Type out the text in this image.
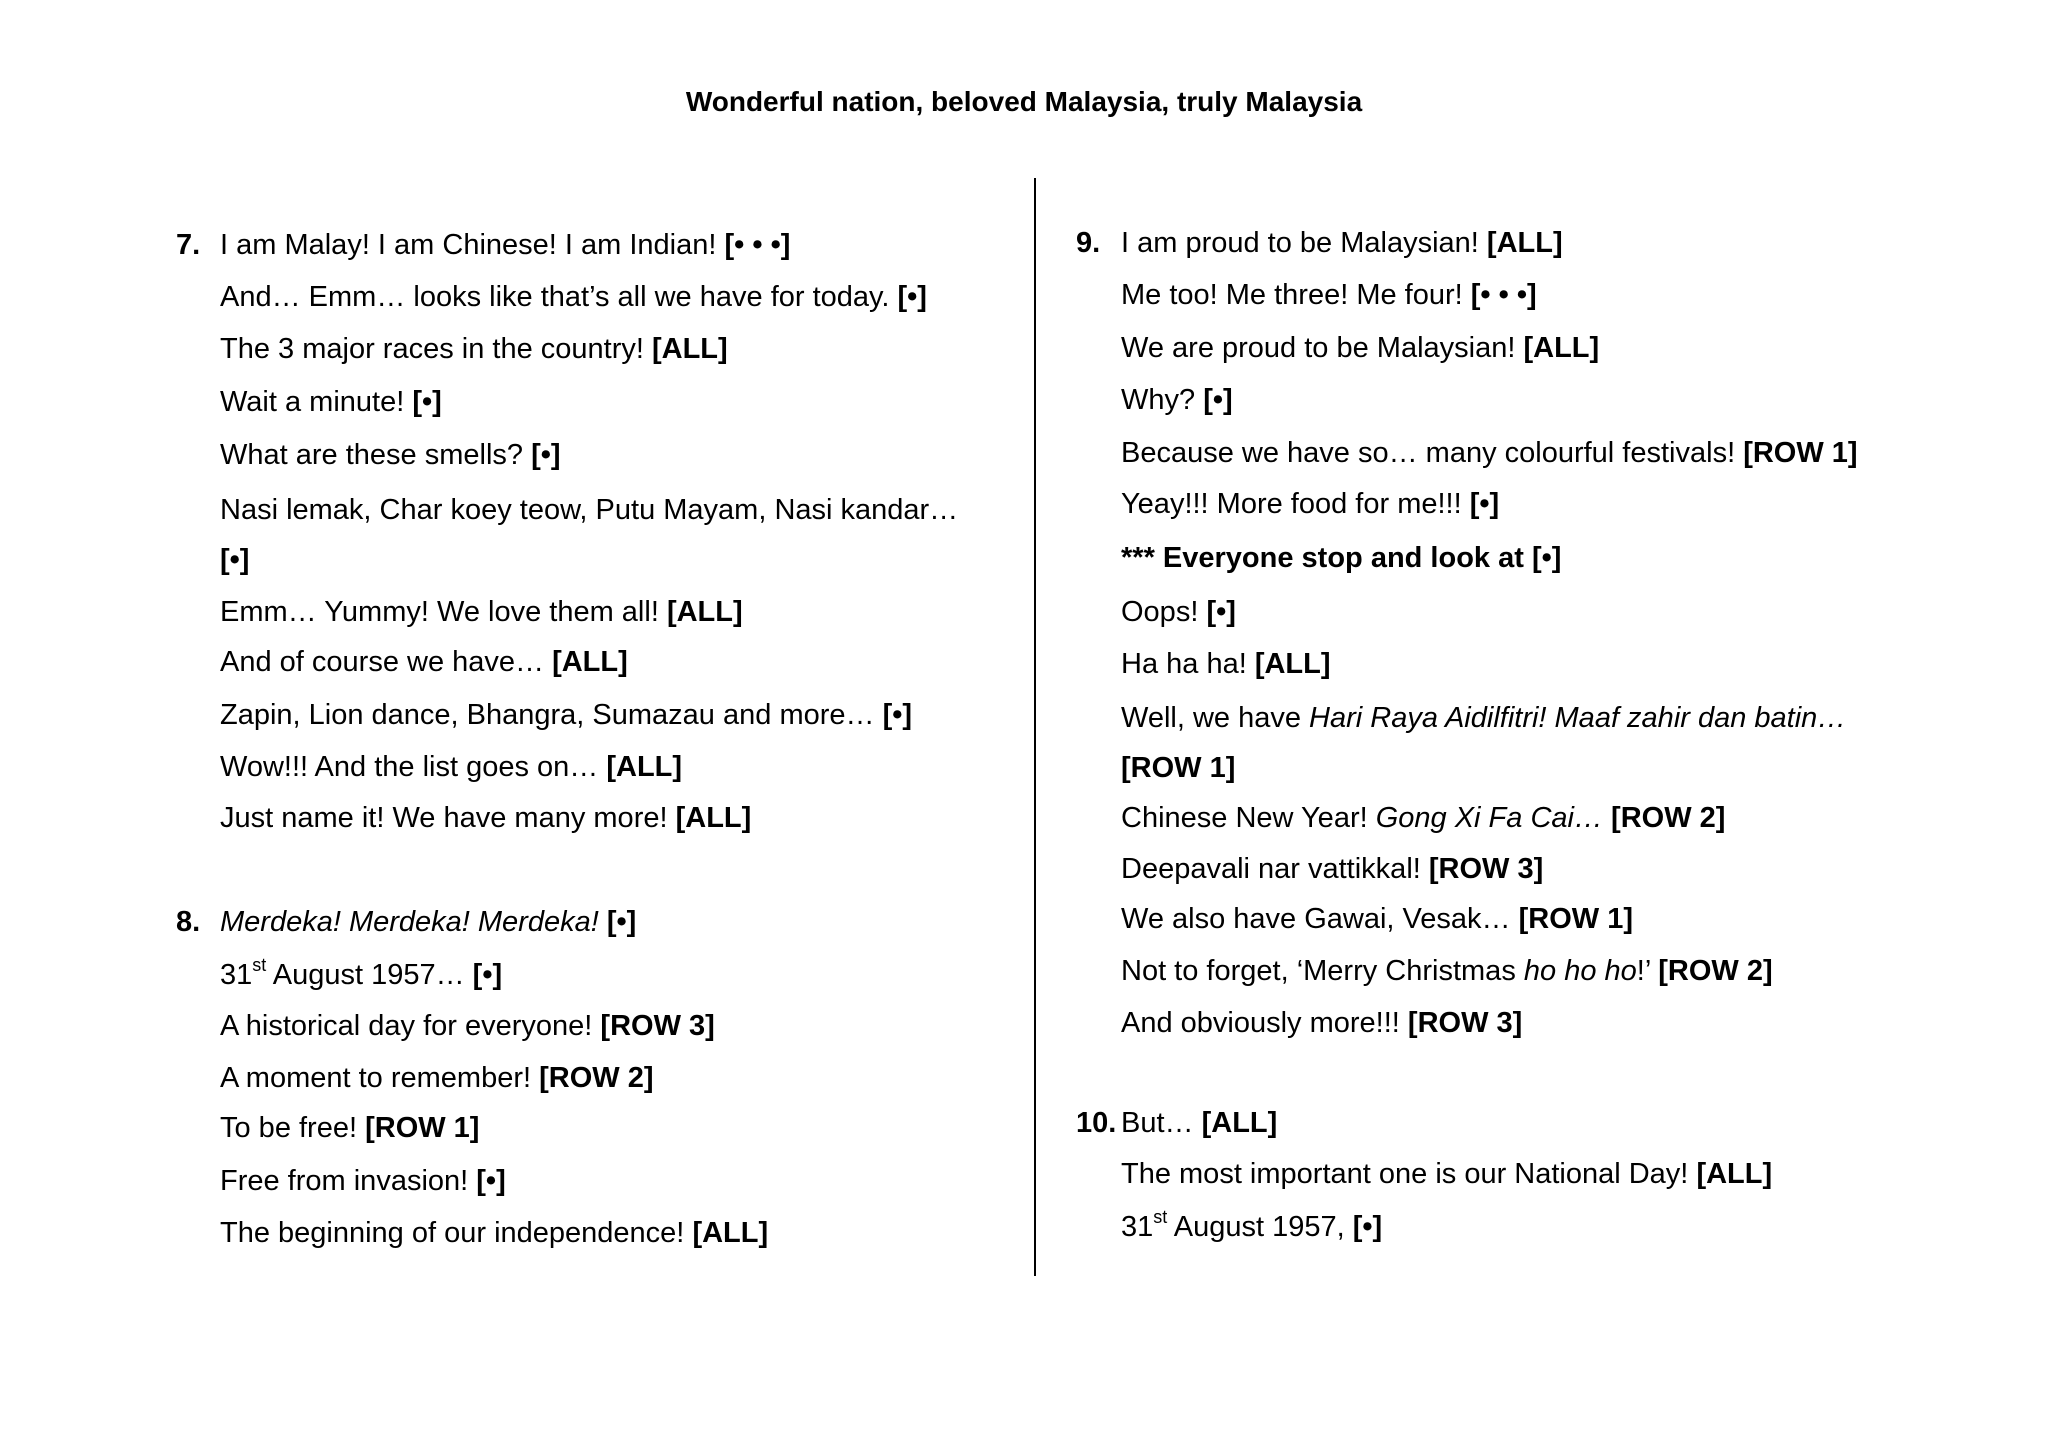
Wonderful nation, beloved Malaysia, truly Malaysia
7. I am Malay! I am Chinese! I am Indian! [• • •]
And… Emm… looks like that’s all we have for today. [•]
The 3 major races in the country! [ALL]
Wait a minute! [•]
What are these smells? [•]
Nasi lemak, Char koey teow, Putu Mayam, Nasi kandar…
[•]
Emm… Yummy! We love them all! [ALL]
And of course we have… [ALL]
Zapin, Lion dance, Bhangra, Sumazau and more… [•]
Wow!!! And the list goes on… [ALL]
Just name it! We have many more! [ALL]
8. Merdeka! Merdeka! Merdeka! [•]
31st August 1957… [•]
A historical day for everyone! [ROW 3]
A moment to remember! [ROW 2]
To be free! [ROW 1]
Free from invasion! [•]
The beginning of our independence! [ALL]
9. I am proud to be Malaysian! [ALL]
Me too! Me three! Me four! [• • •]
We are proud to be Malaysian! [ALL]
Why? [•]
Because we have so… many colourful festivals! [ROW 1]
Yeay!!! More food for me!!! [•]
*** Everyone stop and look at [•]
Oops! [•]
Ha ha ha! [ALL]
Well, we have Hari Raya Aidilfitri! Maaf zahir dan batin…
[ROW 1]
Chinese New Year! Gong Xi Fa Cai… [ROW 2]
Deepavali nar vattikkal! [ROW 3]
We also have Gawai, Vesak… [ROW 1]
Not to forget, ‘Merry Christmas ho ho ho!’ [ROW 2]
And obviously more!!! [ROW 3]
10. But… [ALL]
The most important one is our National Day! [ALL]
31st August 1957, [•]
